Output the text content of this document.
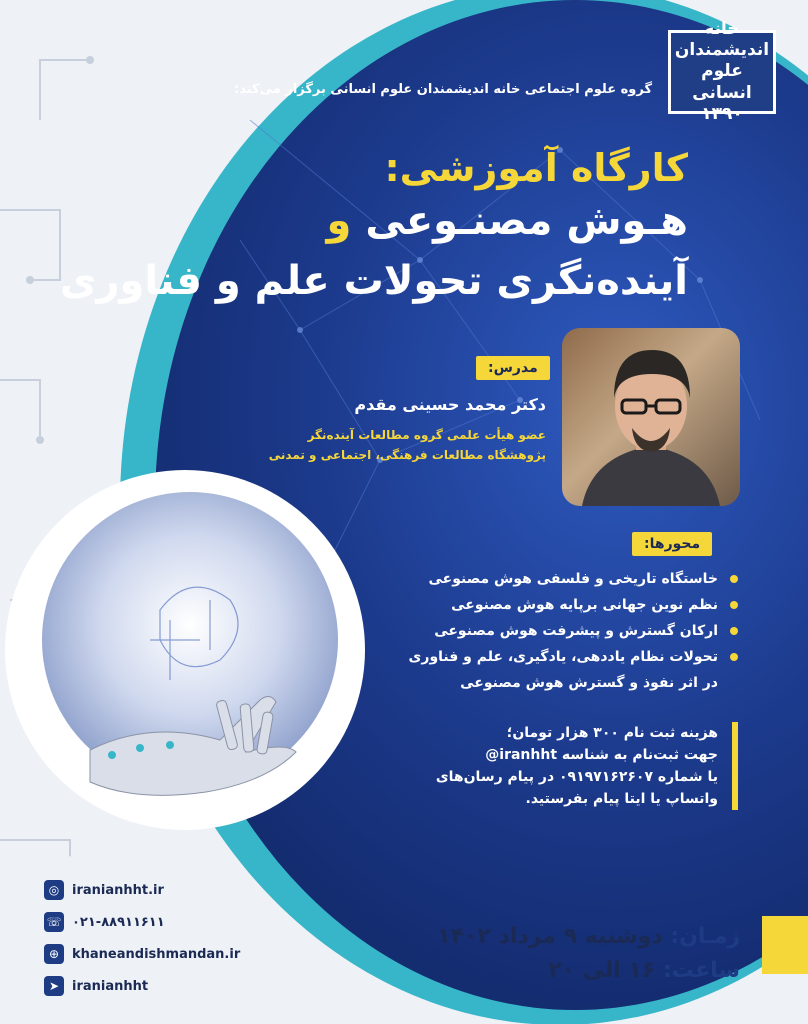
خانه اندیشمندان علوم انسانی ۱۳۹۰
گروه علوم اجتماعی خانه اندیشمندان علوم انسانی برگزار می‌کند:
کارگاه آموزشی:
هـوش مصنـوعی و
آینده‌نگری تحولات علم و فناوری
مدرس:
دکتر محمد حسینی مقدم
عضو هیأت علمی گروه مطالعات آینده‌نگر
پژوهشگاه مطالعات فرهنگی، اجتماعی و تمدنی
محورها:
خاستگاه تاریخی و فلسفی هوش مصنوعی
نظم نوین جهانی برپایه هوش مصنوعی
ارکان گسترش و پیشرفت هوش مصنوعی
تحولات نظام یاددهی، یادگیری، علم و فناوری
در اثر نفوذ و گسترش هوش مصنوعی
هزینه ثبت نام ۳۰۰ هزار تومان؛
جهت ثبت‌نام به شناسه iranhht@
یا شماره ۰۹۱۹۷۱۶۲۶۰۷ در پیام رسان‌های
واتساپ یا ایتا پیام بفرستید.
◎ iranianhht.ir
☏ ۰۲۱-۸۸۹۱۱۶۱۱
⊕ khaneandishmandan.ir
➤ iranianhht
زمـان: دوشنبه ۹ مرداد ۱۴۰۲
ساعت: ۱۶ الی ۲۰
